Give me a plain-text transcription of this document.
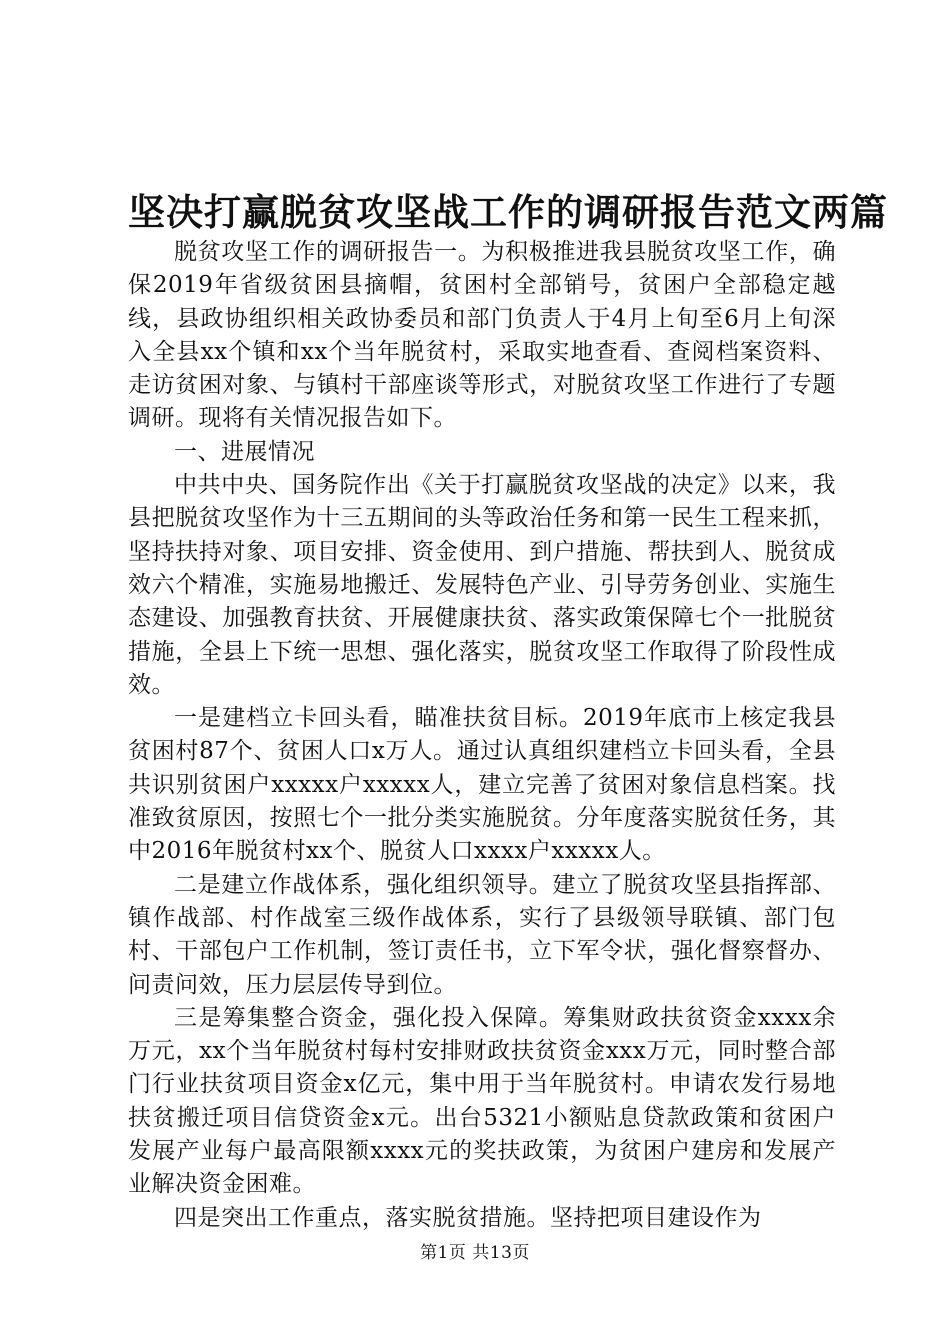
坚决打赢脱贫攻坚战工作的调研报告范文两篇

脱贫攻坚工作的调研报告一。为积极推进我县脱贫攻坚工作，确保2019年省级贫困县摘帽，贫困村全部销号，贫困户全部稳定越线，县政协组织相关政协委员和部门负责人于4月上旬至6月上旬深入全县xx个镇和xx个当年脱贫村，采取实地查看、查阅档案资料、走访贫困对象、与镇村干部座谈等形式，对脱贫攻坚工作进行了专题调研。现将有关情况报告如下。

一、进展情况

中共中央、国务院作出《关于打赢脱贫攻坚战的决定》以来，我县把脱贫攻坚作为十三五期间的头等政治任务和第一民生工程来抓，坚持扶持对象、项目安排、资金使用、到户措施、帮扶到人、脱贫成效六个精准，实施易地搬迁、发展特色产业、引导劳务创业、实施生态建设、加强教育扶贫、开展健康扶贫、落实政策保障七个一批脱贫措施，全县上下统一思想、强化落实，脱贫攻坚工作取得了阶段性成效。

一是建档立卡回头看，瞄准扶贫目标。2019年底市上核定我县贫困村87个、贫困人口x万人。通过认真组织建档立卡回头看，全县共识别贫困户xxxxx户xxxxx人，建立完善了贫困对象信息档案。找准致贫原因，按照七个一批分类实施脱贫。分年度落实脱贫任务，其中2016年脱贫村xx个、脱贫人口xxxx户xxxxx人。

二是建立作战体系，强化组织领导。建立了脱贫攻坚县指挥部、镇作战部、村作战室三级作战体系，实行了县级领导联镇、部门包村、干部包户工作机制，签订责任书，立下军令状，强化督察督办、问责问效，压力层层传导到位。

三是筹集整合资金，强化投入保障。筹集财政扶贫资金xxxx余万元，xx个当年脱贫村每村安排财政扶贫资金xxx万元，同时整合部门行业扶贫项目资金x亿元，集中用于当年脱贫村。申请农发行易地扶贫搬迁项目信贷资金x元。出台5321小额贴息贷款政策和贫困户发展产业每户最高限额xxxx元的奖扶政策，为贫困户建房和发展产业解决资金困难。

四是突出工作重点，落实脱贫措施。坚持把项目建设作为

第1页 共13页
